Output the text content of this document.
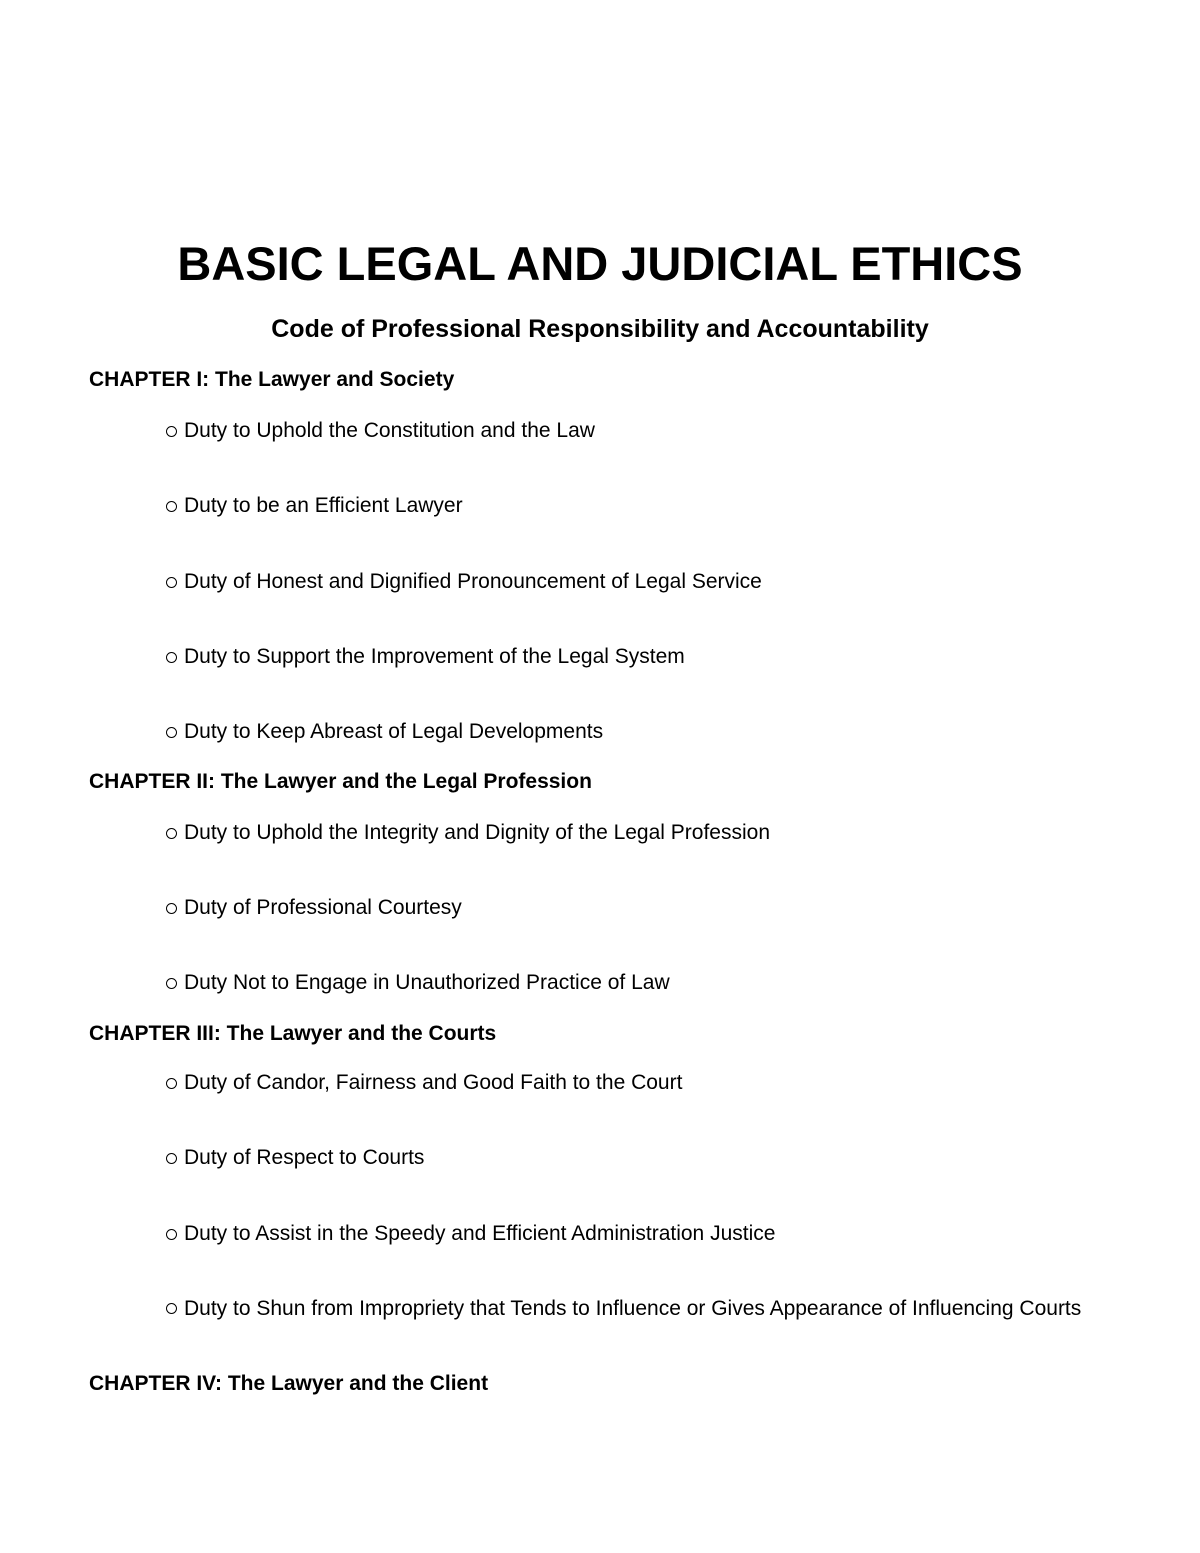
BASIC LEGAL AND JUDICIAL ETHICS
Code of Professional Responsibility and Accountability
CHAPTER I: The Lawyer and Society
Duty to Uphold the Constitution and the Law
Duty to be an Efficient Lawyer
Duty of Honest and Dignified Pronouncement of Legal Service
Duty to Support the Improvement of the Legal System
Duty to Keep Abreast of Legal Developments
CHAPTER II: The Lawyer and the Legal Profession
Duty to Uphold the Integrity and Dignity of the Legal Profession
Duty of Professional Courtesy
Duty Not to Engage in Unauthorized Practice of Law
CHAPTER III: The Lawyer and the Courts
Duty of Candor, Fairness and Good Faith to the Court
Duty of Respect to Courts
Duty to Assist in the Speedy and Efficient Administration Justice
Duty to Shun from Impropriety that Tends to Influence or Gives Appearance of Influencing Courts
CHAPTER IV: The Lawyer and the Client
